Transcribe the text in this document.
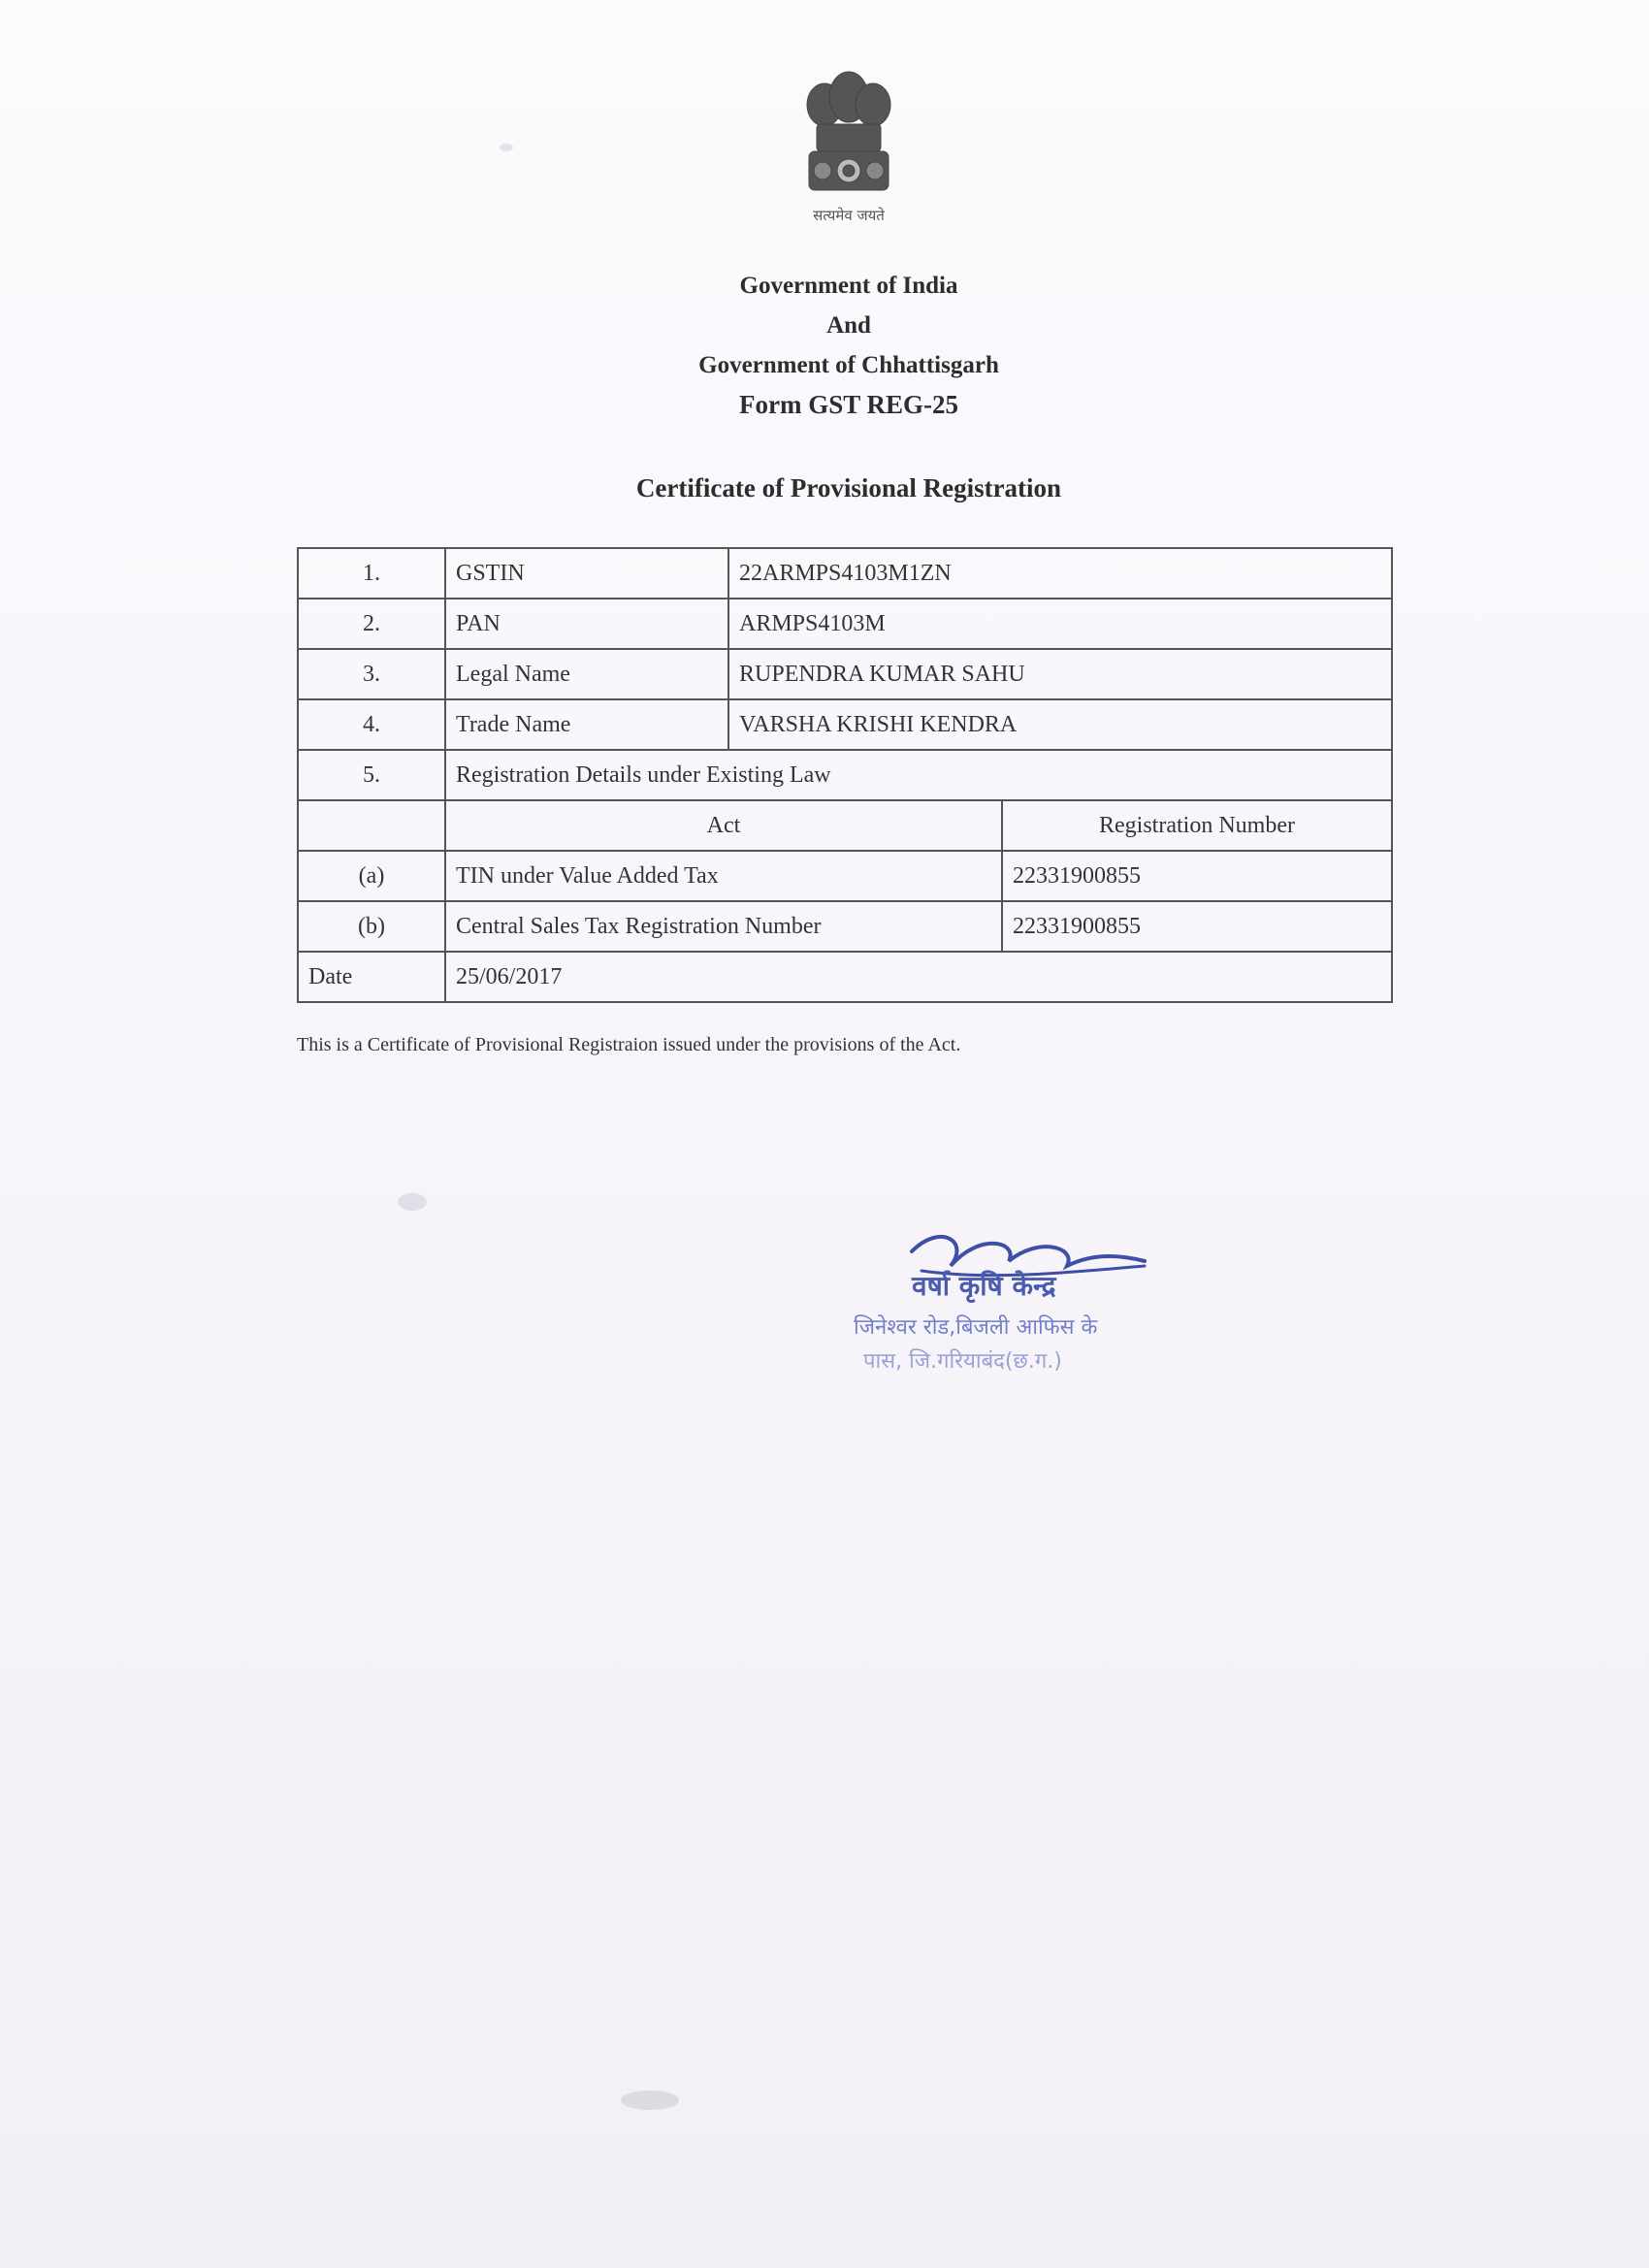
सत्यमेव जयते
Government of India
And
Government of Chhattisgarh
Form GST REG-25
Certificate of Provisional Registration
1.	GSTIN	22ARMPS4103M1ZN	
2.	PAN	ARMPS4103M	
3.	Legal Name	RUPENDRA KUMAR SAHU	
4.	Trade Name	VARSHA KRISHI KENDRA	
5.	Registration Details under Existing Law		
	Act		Registration Number
(a)	TIN under Value Added Tax		22331900855
(b)	Central Sales Tax Registration Number		22331900855
Date	25/06/2017		
This is a Certificate of Provisional Registraion issued under the provisions of the Act.
वर्षा कृषि केन्द्र
जिनेश्वर रोड,बिजली आफिस के
पास, जि.गरियाबंद(छ.ग.)
